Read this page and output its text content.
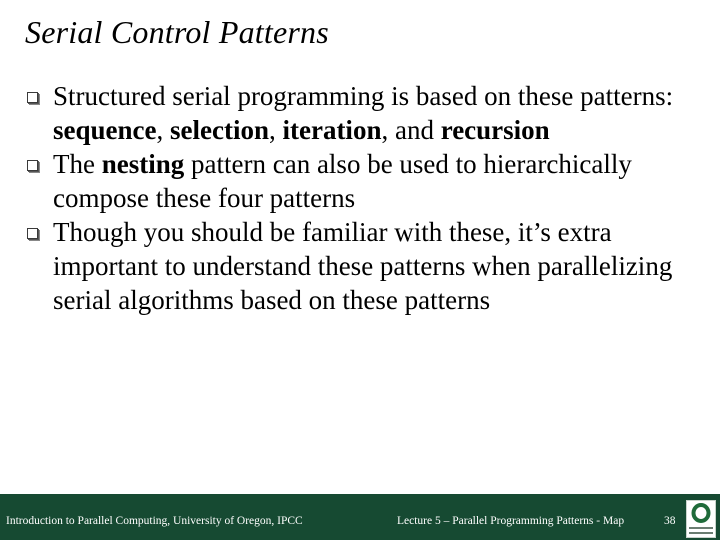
Serial Control Patterns
Structured serial programming is based on these patterns: sequence, selection, iteration, and recursion
The nesting pattern can also be used to hierarchically compose these four patterns
Though you should be familiar with these, it’s extra important to understand these patterns when parallelizing serial algorithms based on these patterns
Introduction to Parallel Computing, University of Oregon, IPCC	Lecture 5 – Parallel Programming Patterns - Map	38
